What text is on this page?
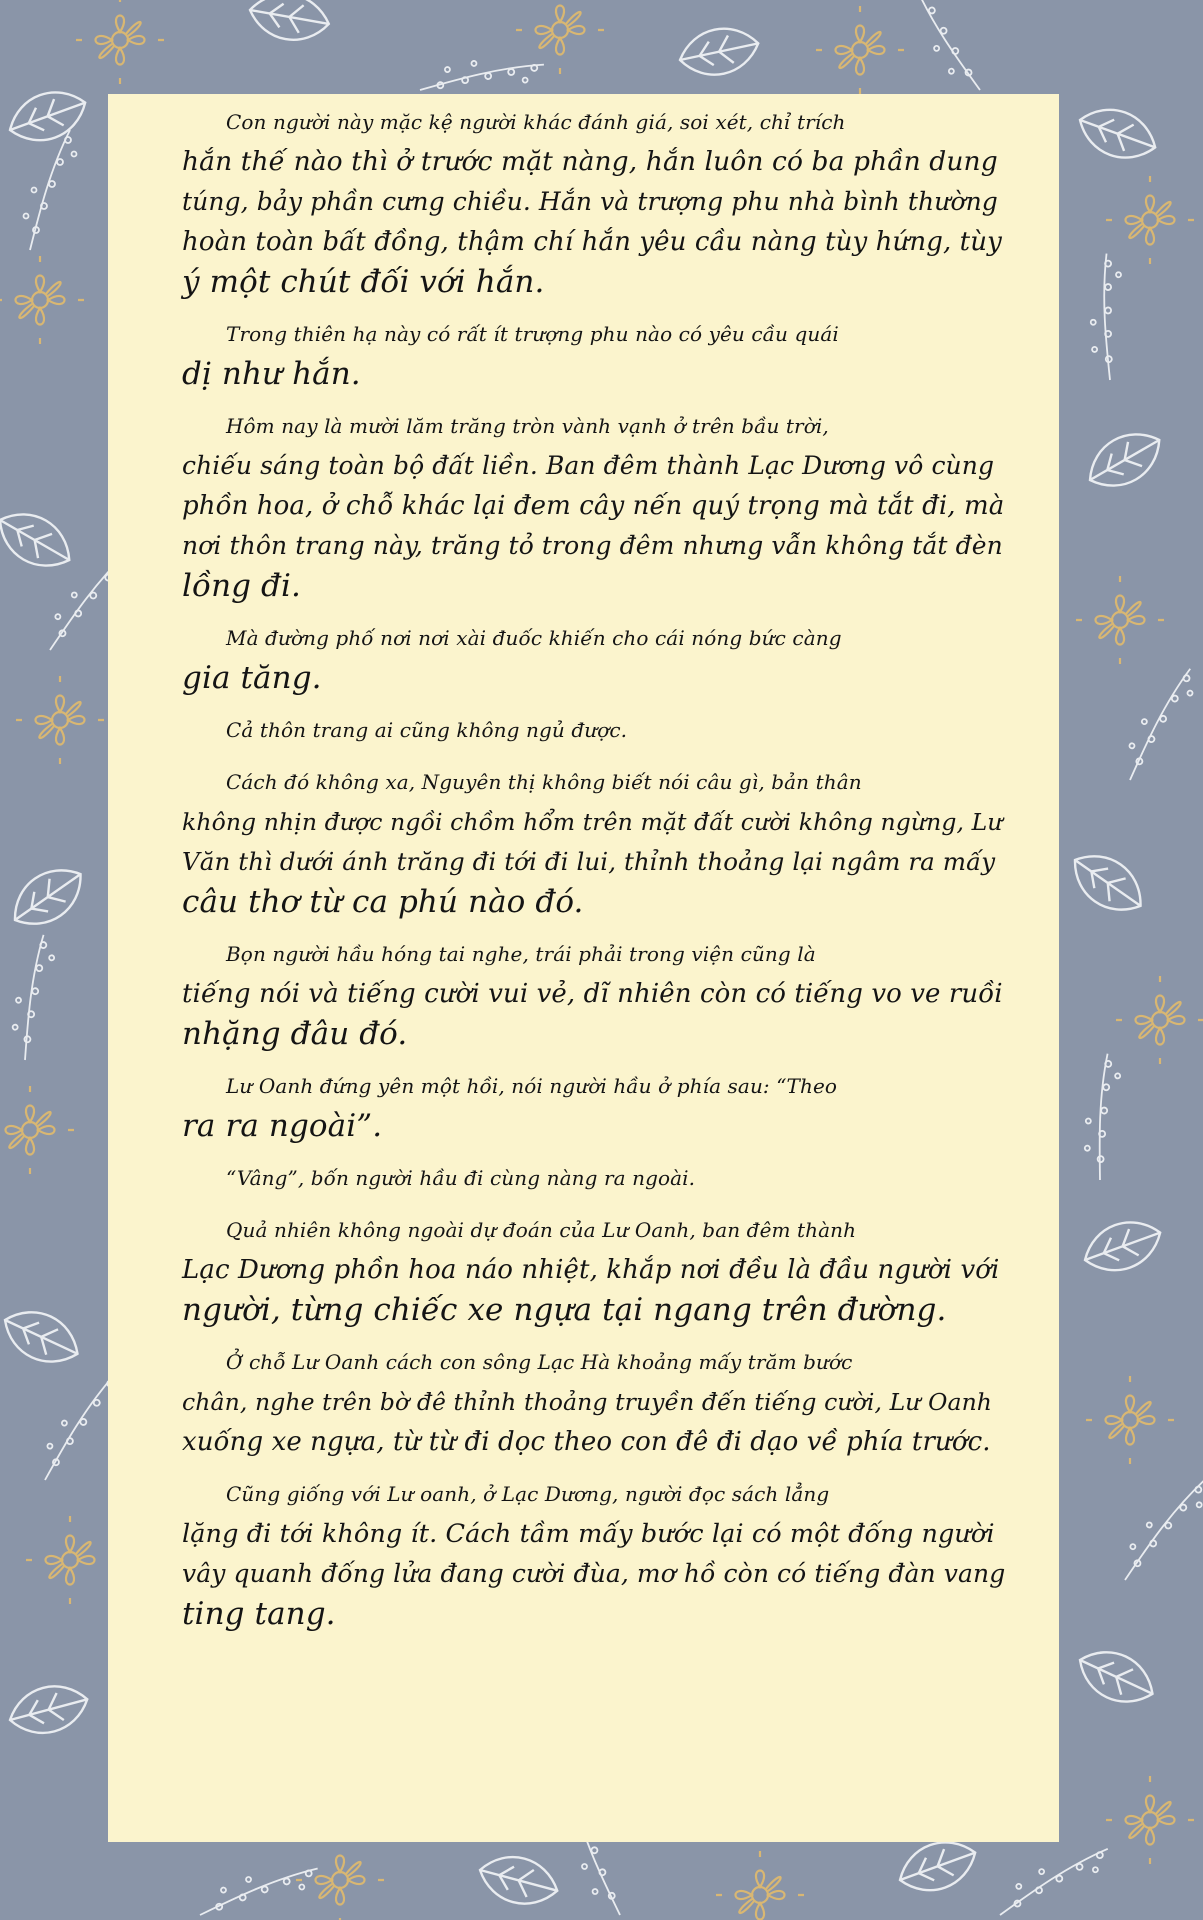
Con người này mặc kệ người khác đánh giá, soi xét, chỉ trích
hắn thế nào thì ở trước mặt nàng, hắn luôn có ba phần dung
túng, bảy phần cưng chiều. Hắn và trượng phu nhà bình thường
hoàn toàn bất đồng, thậm chí hắn yêu cầu nàng tùy hứng, tùy
ý một chút đối với hắn.

Trong thiên hạ này có rất ít trượng phu nào có yêu cầu quái
dị như hắn.

Hôm nay là mười lăm trăng tròn vành vạnh ở trên bầu trời,
chiếu sáng toàn bộ đất liền. Ban đêm thành Lạc Dương vô cùng
phồn hoa, ở chỗ khác lại đem cây nến quý trọng mà tắt đi, mà
nơi thôn trang này, trăng tỏ trong đêm nhưng vẫn không tắt đèn
lồng đi.

Mà đường phố nơi nơi xài đuốc khiến cho cái nóng bức càng
gia tăng.

Cả thôn trang ai cũng không ngủ được.

Cách đó không xa, Nguyên thị không biết nói câu gì, bản thân
không nhịn được ngồi chồm hổm trên mặt đất cười không ngừng, Lư
Văn thì dưới ánh trăng đi tới đi lui, thỉnh thoảng lại ngâm ra mấy
câu thơ từ ca phú nào đó.

Bọn người hầu hóng tai nghe, trái phải trong viện cũng là
tiếng nói và tiếng cười vui vẻ, dĩ nhiên còn có tiếng vo ve ruồi
nhặng đâu đó.

Lư Oanh đứng yên một hồi, nói người hầu ở phía sau: “Theo
ra ra ngoài”.

“Vâng”, bốn người hầu đi cùng nàng ra ngoài.

Quả nhiên không ngoài dự đoán của Lư Oanh, ban đêm thành
Lạc Dương phồn hoa náo nhiệt, khắp nơi đều là đầu người với
người, từng chiếc xe ngựa tại ngang trên đường.

Ở chỗ Lư Oanh cách con sông Lạc Hà khoảng mấy trăm bước
chân, nghe trên bờ đê thỉnh thoảng truyền đến tiếng cười, Lư Oanh
xuống xe ngựa, từ từ đi dọc theo con đê đi dạo về phía trước.

Cũng giống với Lư oanh, ở Lạc Dương, người đọc sách lẳng
lặng đi tới không ít. Cách tầm mấy bước lại có một đống người
vây quanh đống lửa đang cười đùa, mơ hồ còn có tiếng đàn vang
ting tang.
